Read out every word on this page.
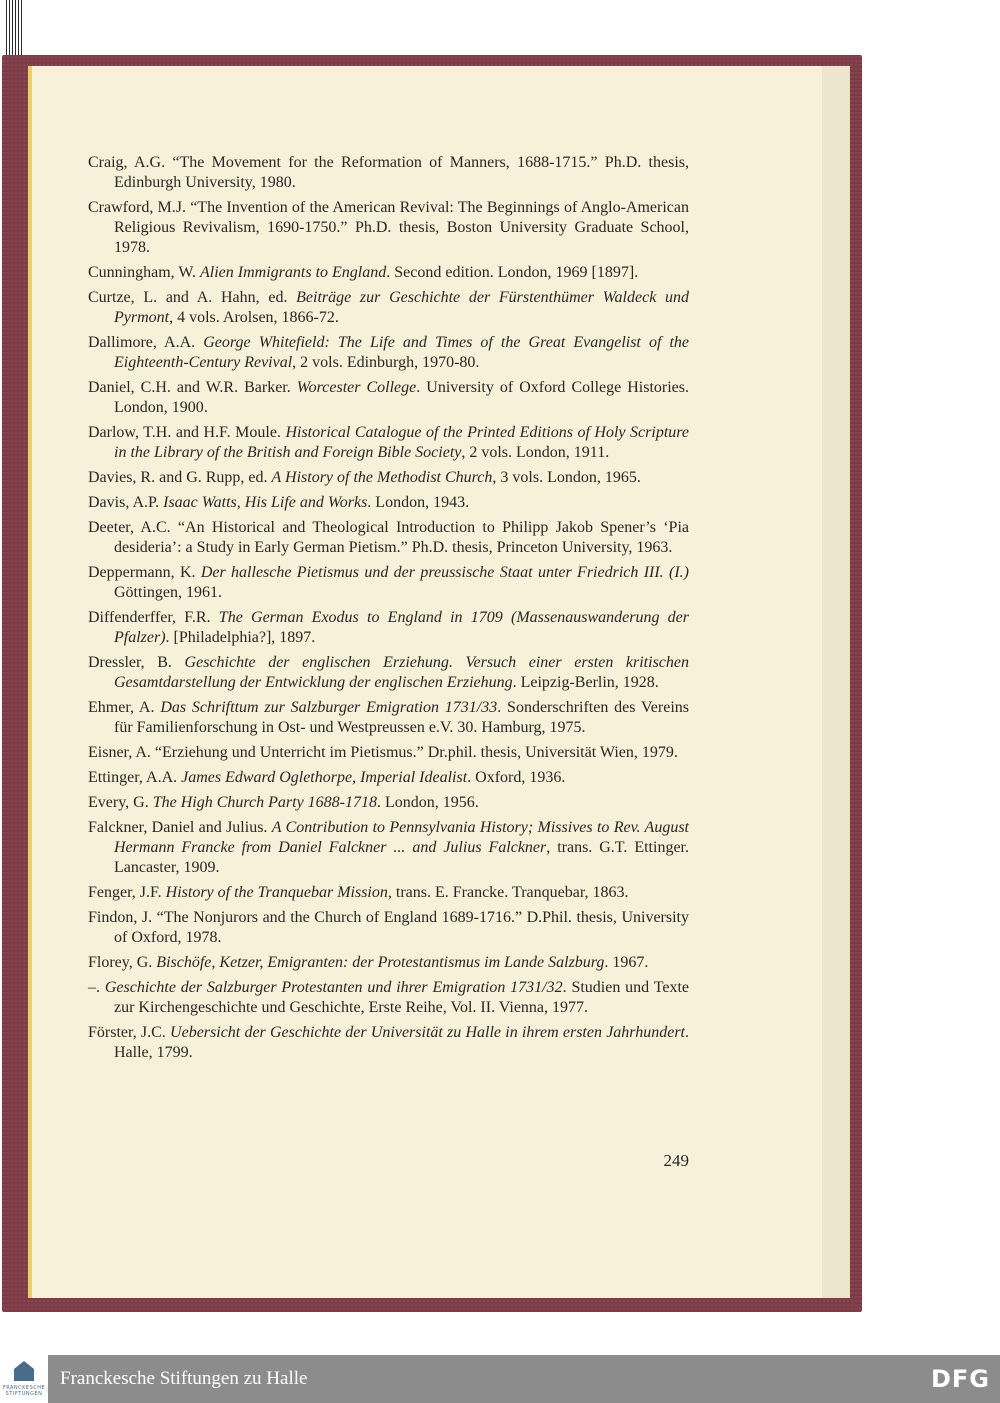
Craig, A.G. “The Movement for the Reformation of Manners, 1688-1715.” Ph.D. thesis, Edinburgh University, 1980.

Crawford, M.J. “The Invention of the American Revival: The Beginnings of Anglo-American Religious Revivalism, 1690-1750.” Ph.D. thesis, Boston University Graduate School, 1978.

Cunningham, W. Alien Immigrants to England. Second edition. London, 1969 [1897].

Curtze, L. and A. Hahn, ed. Beiträge zur Geschichte der Fürstenthümer Waldeck und Pyrmont, 4 vols. Arolsen, 1866-72.

Dallimore, A.A. George Whitefield: The Life and Times of the Great Evangelist of the Eighteenth-Century Revival, 2 vols. Edinburgh, 1970-80.

Daniel, C.H. and W.R. Barker. Worcester College. University of Oxford College Histories. London, 1900.

Darlow, T.H. and H.F. Moule. Historical Catalogue of the Printed Editions of Holy Scripture in the Library of the British and Foreign Bible Society, 2 vols. London, 1911.

Davies, R. and G. Rupp, ed. A History of the Methodist Church, 3 vols. London, 1965.

Davis, A.P. Isaac Watts, His Life and Works. London, 1943.

Deeter, A.C. “An Historical and Theological Introduction to Philipp Jakob Spener’s ‘Pia desideria’: a Study in Early German Pietism.” Ph.D. thesis, Princeton University, 1963.

Deppermann, K. Der hallesche Pietismus und der preussische Staat unter Friedrich III. (I.) Göttingen, 1961.

Diffenderffer, F.R. The German Exodus to England in 1709 (Massenauswanderung der Pfalzer). [Philadelphia?], 1897.

Dressler, B. Geschichte der englischen Erziehung. Versuch einer ersten kritischen Gesamtdarstellung der Entwicklung der englischen Erziehung. Leipzig-Berlin, 1928.

Ehmer, A. Das Schrifttum zur Salzburger Emigration 1731/33. Sonderschriften des Vereins für Familienforschung in Ost- und Westpreussen e.V. 30. Hamburg, 1975.

Eisner, A. “Erziehung und Unterricht im Pietismus.” Dr.phil. thesis, Universität Wien, 1979.

Ettinger, A.A. James Edward Oglethorpe, Imperial Idealist. Oxford, 1936.

Every, G. The High Church Party 1688-1718. London, 1956.

Falckner, Daniel and Julius. A Contribution to Pennsylvania History; Missives to Rev. August Hermann Francke from Daniel Falckner ... and Julius Falckner, trans. G.T. Ettinger. Lancaster, 1909.

Fenger, J.F. History of the Tranquebar Mission, trans. E. Francke. Tranquebar, 1863.

Findon, J. “The Nonjurors and the Church of England 1689-1716.” D.Phil. thesis, University of Oxford, 1978.

Florey, G. Bischöfe, Ketzer, Emigranten: der Protestantismus im Lande Salzburg. 1967.

–. Geschichte der Salzburger Protestanten und ihrer Emigration 1731/32. Studien und Texte zur Kirchengeschichte und Geschichte, Erste Reihe, Vol. II. Vienna, 1977.

Förster, J.C. Uebersicht der Geschichte der Universität zu Halle in ihrem ersten Jahrhundert. Halle, 1799.

249
FRANCKESCHE STIFTUNGEN
Franckesche Stiftungen zu Halle	DFG
